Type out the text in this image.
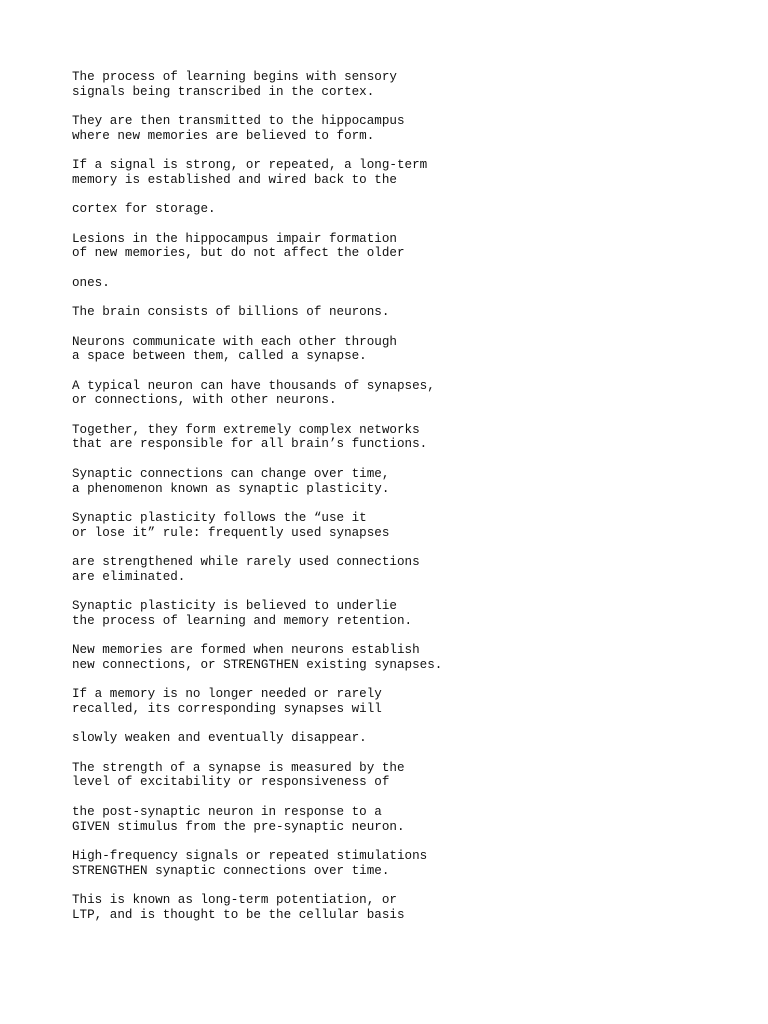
The process of learning begins with sensory
signals being transcribed in the cortex.

They are then transmitted to the hippocampus
where new memories are believed to form.

If a signal is strong, or repeated, a long-term
memory is established and wired back to the

cortex for storage.

Lesions in the hippocampus impair formation
of new memories, but do not affect the older

ones.

The brain consists of billions of neurons.

Neurons communicate with each other through
a space between them, called a synapse.

A typical neuron can have thousands of synapses,
or connections, with other neurons.

Together, they form extremely complex networks
that are responsible for all brain’s functions.

Synaptic connections can change over time,
a phenomenon known as synaptic plasticity.

Synaptic plasticity follows the “use it
or lose it” rule: frequently used synapses

are strengthened while rarely used connections
are eliminated.

Synaptic plasticity is believed to underlie
the process of learning and memory retention.

New memories are formed when neurons establish
new connections, or STRENGTHEN existing synapses.

If a memory is no longer needed or rarely
recalled, its corresponding synapses will

slowly weaken and eventually disappear.

The strength of a synapse is measured by the
level of excitability or responsiveness of

the post-synaptic neuron in response to a
GIVEN stimulus from the pre-synaptic neuron.

High-frequency signals or repeated stimulations
STRENGTHEN synaptic connections over time.

This is known as long-term potentiation, or
LTP, and is thought to be the cellular basis
